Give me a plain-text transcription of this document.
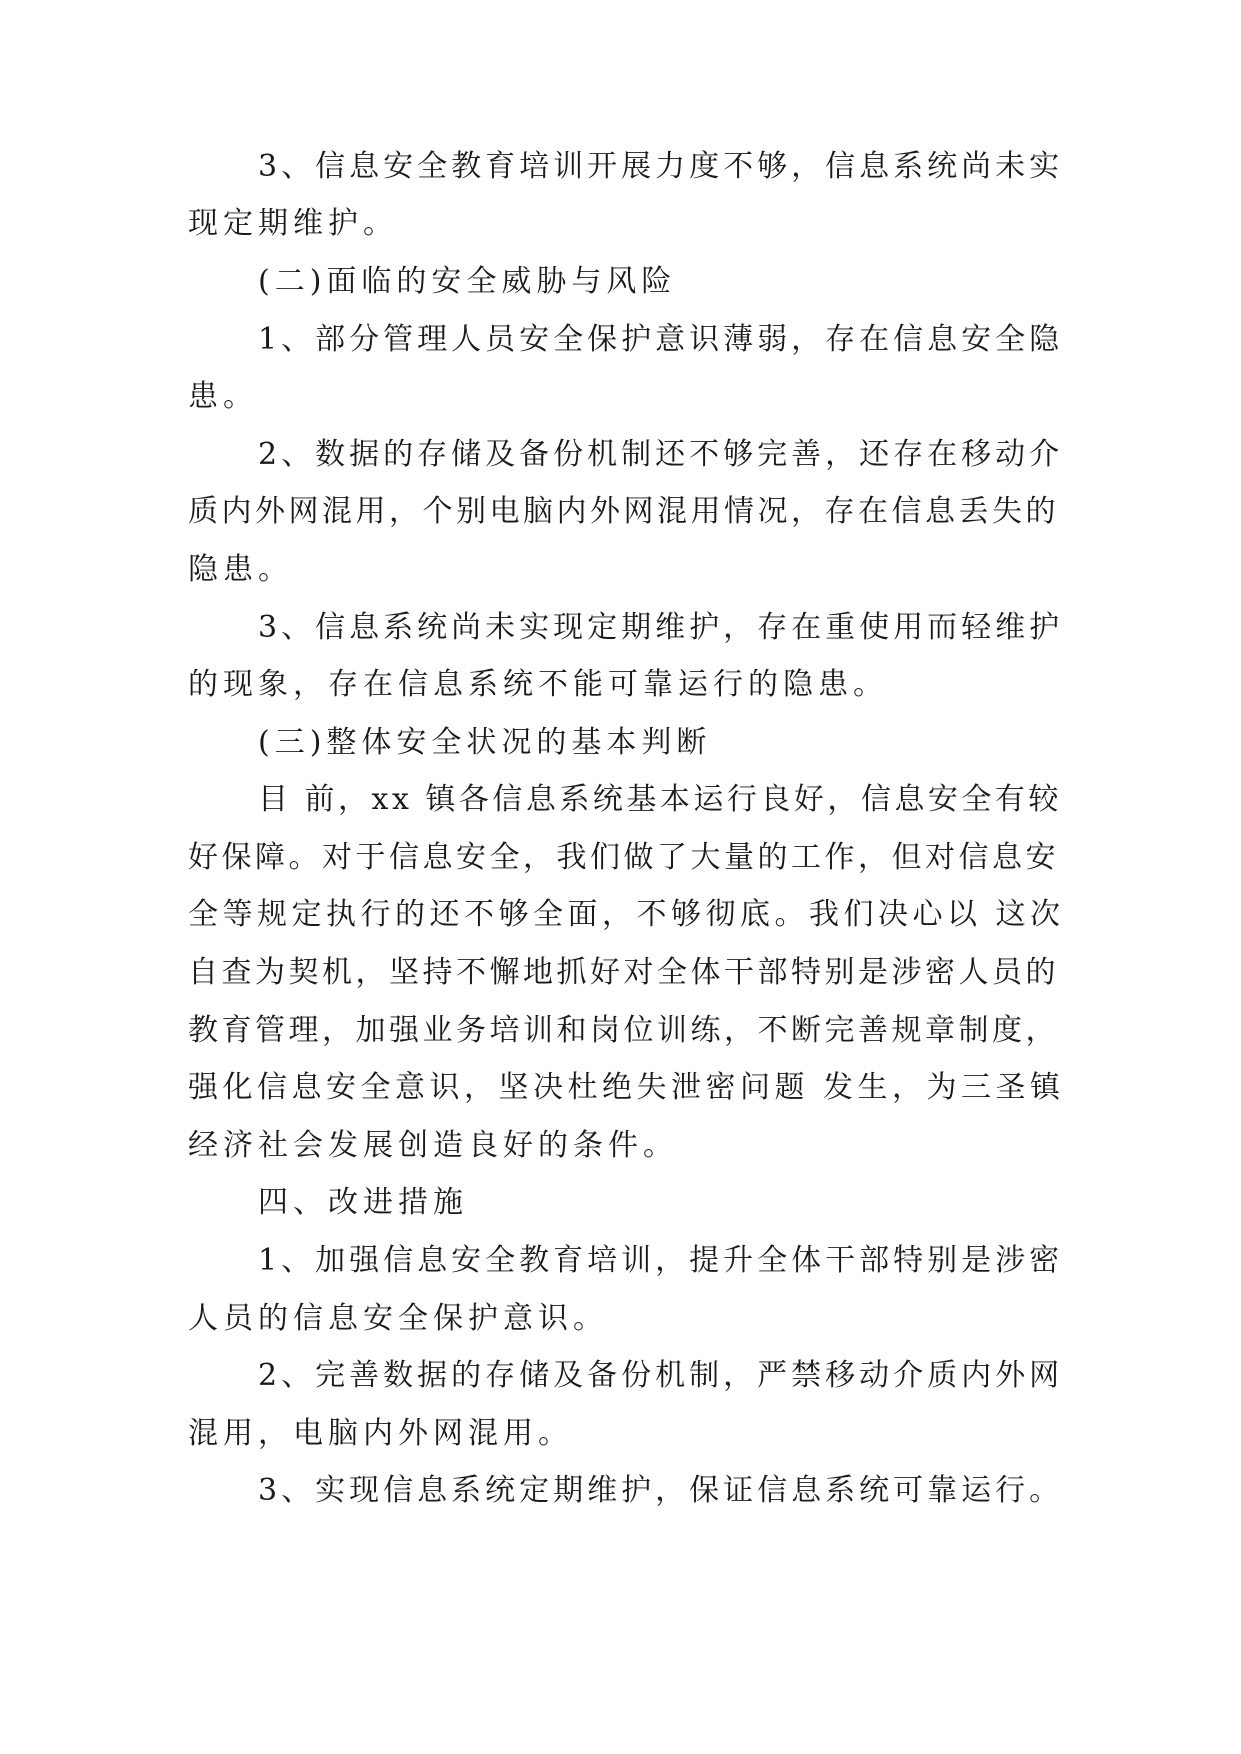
3、信息安全教育培训开展力度不够，信息系统尚未实

现定期维护。

(二)面临的安全威胁与风险

1、部分管理人员安全保护意识薄弱，存在信息安全隐

患。

2、数据的存储及备份机制还不够完善，还存在移动介

质内外网混用，个别电脑内外网混用情况，存在信息丢失的

隐患。

3、信息系统尚未实现定期维护，存在重使用而轻维护

的现象，存在信息系统不能可靠运行的隐患。

(三)整体安全状况的基本判断

目 前，xx 镇各信息系统基本运行良好，信息安全有较

好保障。对于信息安全，我们做了大量的工作，但对信息安

全等规定执行的还不够全面，不够彻底。我们决心以 这次

自查为契机，坚持不懈地抓好对全体干部特别是涉密人员的

教育管理，加强业务培训和岗位训练，不断完善规章制度，

强化信息安全意识，坚决杜绝失泄密问题 发生，为三圣镇

经济社会发展创造良好的条件。

四、改进措施

1、加强信息安全教育培训，提升全体干部特别是涉密

人员的信息安全保护意识。

2、完善数据的存储及备份机制，严禁移动介质内外网

混用，电脑内外网混用。

3、实现信息系统定期维护，保证信息系统可靠运行。
